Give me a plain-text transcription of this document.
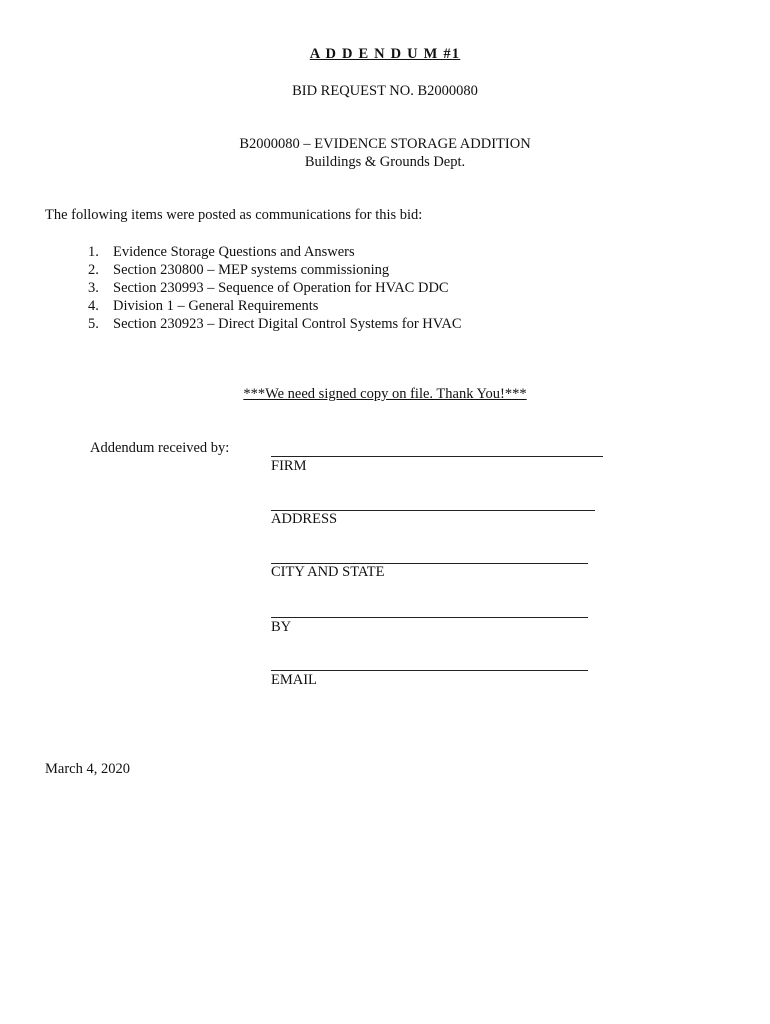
A D D E N D U M #1
BID REQUEST NO. B2000080
B2000080 – EVIDENCE STORAGE ADDITION
Buildings & Grounds Dept.
The following items were posted as communications for this bid:
1. Evidence Storage Questions and Answers
2. Section 230800 – MEP systems commissioning
3. Section 230993 – Sequence of Operation for HVAC DDC
4. Division 1 – General Requirements
5. Section 230923 – Direct Digital Control Systems for HVAC
***We need signed copy on file. Thank You!***
Addendum received by:
FIRM
ADDRESS
CITY AND STATE
BY
EMAIL
March 4, 2020
